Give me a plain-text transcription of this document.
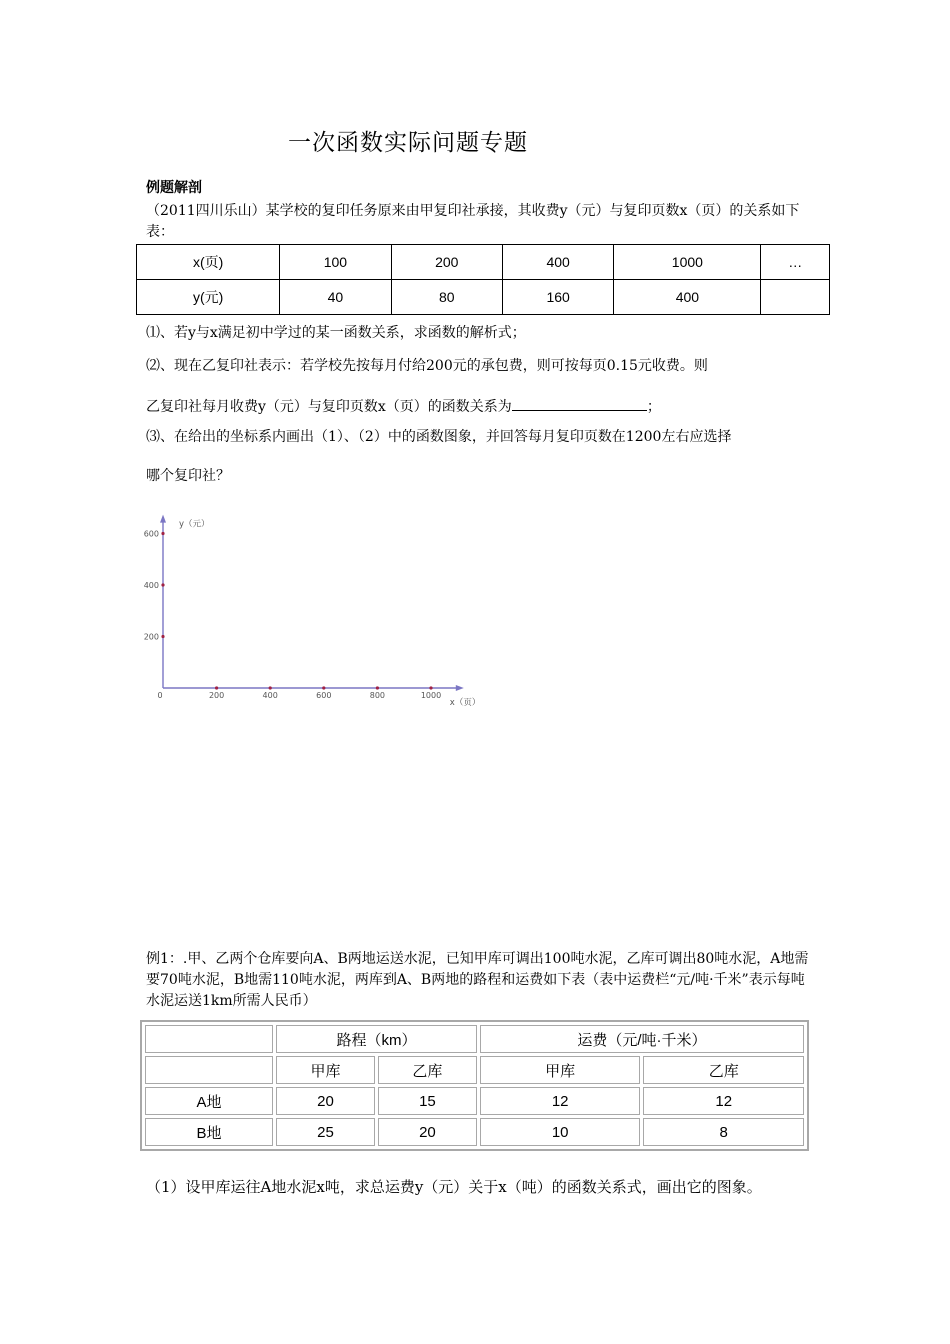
一次函数实际问题专题
例题解剖
（2011四川乐山）某学校的复印任务原来由甲复印社承接，其收费y（元）与复印页数x（页）的关系如下表：
x(页)	100	200	400	1000	…
y(元)	40	80	160	400	
⑴、若y与x满足初中学过的某一函数关系，求函数的解析式；
⑵、现在乙复印社表示：若学校先按每月付给200元的承包费，则可按每页0.15元收费。则
乙复印社每月收费y（元）与复印页数x（页）的函数关系为	；
⑶、在给出的坐标系内画出（1）、（2）中的函数图象，并回答每月复印页数在1200左右应选择
哪个复印社？
0	200	400	600	800	1000
200
400
600
y（元）
x（页）
例1：.甲、乙两个仓库要向A、B两地运送水泥，已知甲库可调出100吨水泥，乙库可调出80吨水泥，A地需要70吨水泥，B地需110吨水泥，两库到A、B两地的路程和运费如下表（表中运费栏“元/吨·千米”表示每吨水泥运送1km所需人民币）
	路程（km）		运费（元/吨·千米）	
	甲库	乙库	甲库	乙库
A地	20	15	12	12
B地	25	20	10	8
（1）设甲库运往A地水泥x吨，求总运费y（元）关于x（吨）的函数关系式，画出它的图象。
